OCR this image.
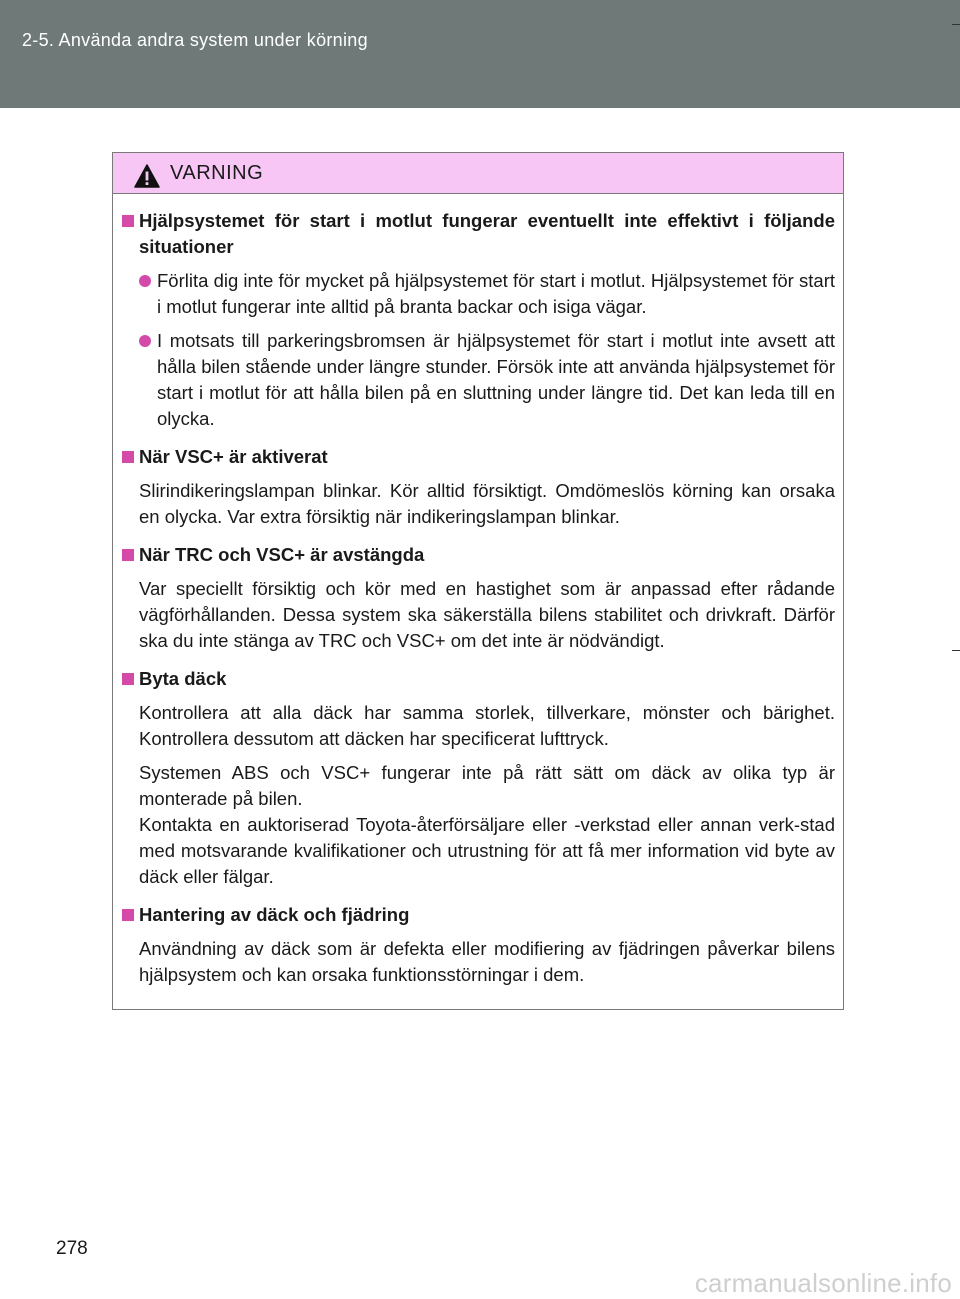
2-5. Använda andra system under körning
VARNING
Hjälpsystemet för start i motlut fungerar eventuellt inte effektivt i följande situationer
Förlita dig inte för mycket på hjälpsystemet för start i motlut. Hjälpsystemet för start i motlut fungerar inte alltid på branta backar och isiga vägar.
I motsats till parkeringsbromsen är hjälpsystemet för start i motlut inte avsett att hålla bilen stående under längre stunder. Försök inte att använda hjälpsystemet för start i motlut för att hålla bilen på en sluttning under längre tid. Det kan leda till en olycka.
När VSC+ är aktiverat
Slirindikeringslampan blinkar. Kör alltid försiktigt. Omdömeslös körning kan orsaka en olycka. Var extra försiktig när indikeringslampan blinkar.
När TRC och VSC+ är avstängda
Var speciellt försiktig och kör med en hastighet som är anpassad efter rådande vägförhållanden. Dessa system ska säkerställa bilens stabilitet och drivkraft. Därför ska du inte stänga av TRC och VSC+ om det inte är nödvändigt.
Byta däck
Kontrollera att alla däck har samma storlek, tillverkare, mönster och bärighet. Kontrollera dessutom att däcken har specificerat lufttryck.
Systemen ABS och VSC+ fungerar inte på rätt sätt om däck av olika typ är monterade på bilen.
Kontakta en auktoriserad Toyota-återförsäljare eller -verkstad eller annan verk-stad med motsvarande kvalifikationer och utrustning för att få mer information vid byte av däck eller fälgar.
Hantering av däck och fjädring
Användning av däck som är defekta eller modifiering av fjädringen påverkar bilens hjälpsystem och kan orsaka funktionsstörningar i dem.
278
carmanualsonline.info
